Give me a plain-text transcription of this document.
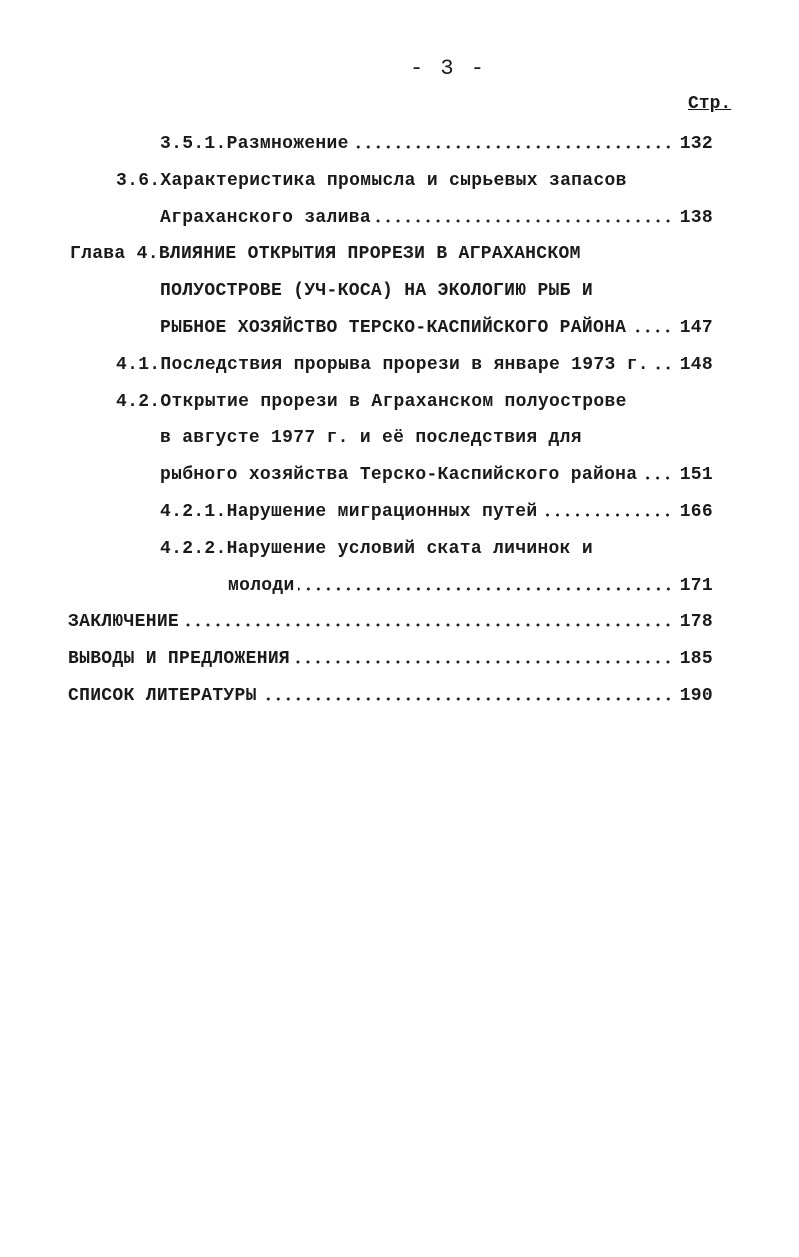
- 3 -
Стр.
3.5.1.Размножение	132
3.6.Характеристика промысла и сырьевых запасов
Аграханского залива	138
Глава 4.ВЛИЯНИЕ ОТКРЫТИЯ ПРОРЕЗИ В АГРАХАНСКОМ
ПОЛУОСТРОВЕ (УЧ-КОСА) НА ЭКОЛОГИЮ РЫБ И
РЫБНОЕ ХОЗЯЙСТВО ТЕРСКО-КАСПИЙСКОГО РАЙОНА	147
4.1.Последствия прорыва прорези в январе 1973 г. 148
4.2.Открытие прорези в Аграханском полуострове
в августе 1977 г. и её последствия для
рыбного хозяйства Терско-Каспийского района 151
4.2.1.Нарушение миграционных путей	166
4.2.2.Нарушение условий ската личинок и
молоди	171
ЗАКЛЮЧЕНИЕ	178
ВЫВОДЫ И ПРЕДЛОЖЕНИЯ	185
СПИСОК ЛИТЕРАТУРЫ	190
